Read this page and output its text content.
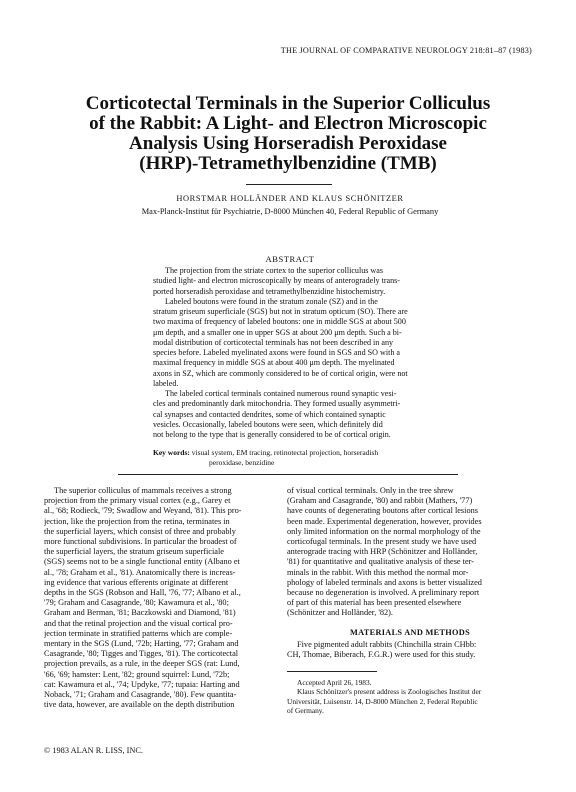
THE JOURNAL OF COMPARATIVE NEUROLOGY 218:81–87 (1983)
Corticotectal Terminals in the Superior Colliculus
of the Rabbit: A Light- and Electron Microscopic
Analysis Using Horseradish Peroxidase
(HRP)-Tetramethylbenzidine (TMB)
HORSTMAR HOLLÄNDER AND KLAUS SCHÖNITZER
Max-Planck-Institut für Psychiatrie, D-8000 München 40, Federal Republic of Germany
ABSTRACT
The projection from the striate cortex to the superior colliculus was
studied light- and electron microscopically by means of anterogradely trans-
ported horseradish peroxidase and tetramethylbenzidine histochemistry.
Labeled boutons were found in the stratum zonale (SZ) and in the
stratum griseum superficiale (SGS) but not in stratum opticum (SO). There are
two maxima of frequency of labeled boutons: one in middle SGS at about 500
μm depth, and a smaller one in upper SGS at about 200 μm depth. Such a bi-
modal distribution of corticotectal terminals has not been described in any
species before. Labeled myelinated axons were found in SGS and SO with a
maximal frequency in middle SGS at about 400 μm depth. The myelinated
axons in SZ, which are commonly considered to be of cortical origin, were not
labeled.
The labeled cortical terminals contained numerous round synaptic vesi-
cles and predominantly dark mitochondria. They formed usually asymmetri-
cal synapses and contacted dendrites, some of which contained synaptic
vesicles. Occasionally, labeled boutons were seen, which definitely did
not belong to the type that is generally considered to be of cortical origin.
Key words: visual system, EM tracing, retinotectal projection, horseradish
peroxidase, benzidine
The superior colliculus of mammals receives a strong
projection from the primary visual cortex (e.g., Garey et
al., '68; Rodieck, '79; Swadlow and Weyand, '81). This pro-
jection, like the projection from the retina, terminates in
the superficial layers, which consist of three and probably
more functional subdivisions. In particular the broadest of
the superficial layers, the stratum griseum superficiale
(SGS) seems not to be a single functional entity (Albano et
al., '78; Graham et al., '81). Anatomically there is increas-
ing evidence that various efferents originate at different
depths in the SGS (Robson and Hall, '76, '77; Albano et al.,
'79; Graham and Casagrande, '80; Kawamura et al., '80;
Graham and Berman, '81; Baczkowski and Diamond, '81)
and that the retinal projection and the visual cortical pro-
jection terminate in stratified patterns which are comple-
mentary in the SGS (Lund, '72b; Harting, '77; Graham and
Casagrande, '80; Tigges and Tigges, '81). The corticotectal
projection prevails, as a rule, in the deeper SGS (rat: Lund,
'66, '69; hamster: Lent, '82; ground squirrel: Lund, '72b;
cat: Kawamura et al., '74; Updyke, '77; tupaia: Harting and
Noback, '71; Graham and Casagrande, '80). Few quantita-
tive data, however, are available on the depth distribution
of visual cortical terminals. Only in the tree shrew
(Graham and Casagrande, '80) and rabbit (Mathers, '77)
have counts of degenerating boutons after cortical lesions
been made. Experimental degeneration, however, provides
only limited information on the normal morphology of the
corticofugal terminals. In the present study we have used
anterograde tracing with HRP (Schönitzer and Holländer,
'81) for quantitative and qualitative analysis of these ter-
minals in the rabbit. With this method the normal mor-
phology of labeled terminals and axons is better visualized
because no degeneration is involved. A preliminary report
of part of this material has been presented elsewhere
(Schönitzer and Holländer, '82).
MATERIALS AND METHODS
Five pigmented adult rabbits (Chinchilla strain CHbb:
CH, Thomae, Biberach, F.G.R.) were used for this study.
Accepted April 26, 1983.
Klaus Schönitzer's present address is Zoologisches Institut der
Universität, Luisenstr. 14, D-8000 München 2, Federal Republic
of Germany.
© 1983 ALAN R. LISS, INC.
